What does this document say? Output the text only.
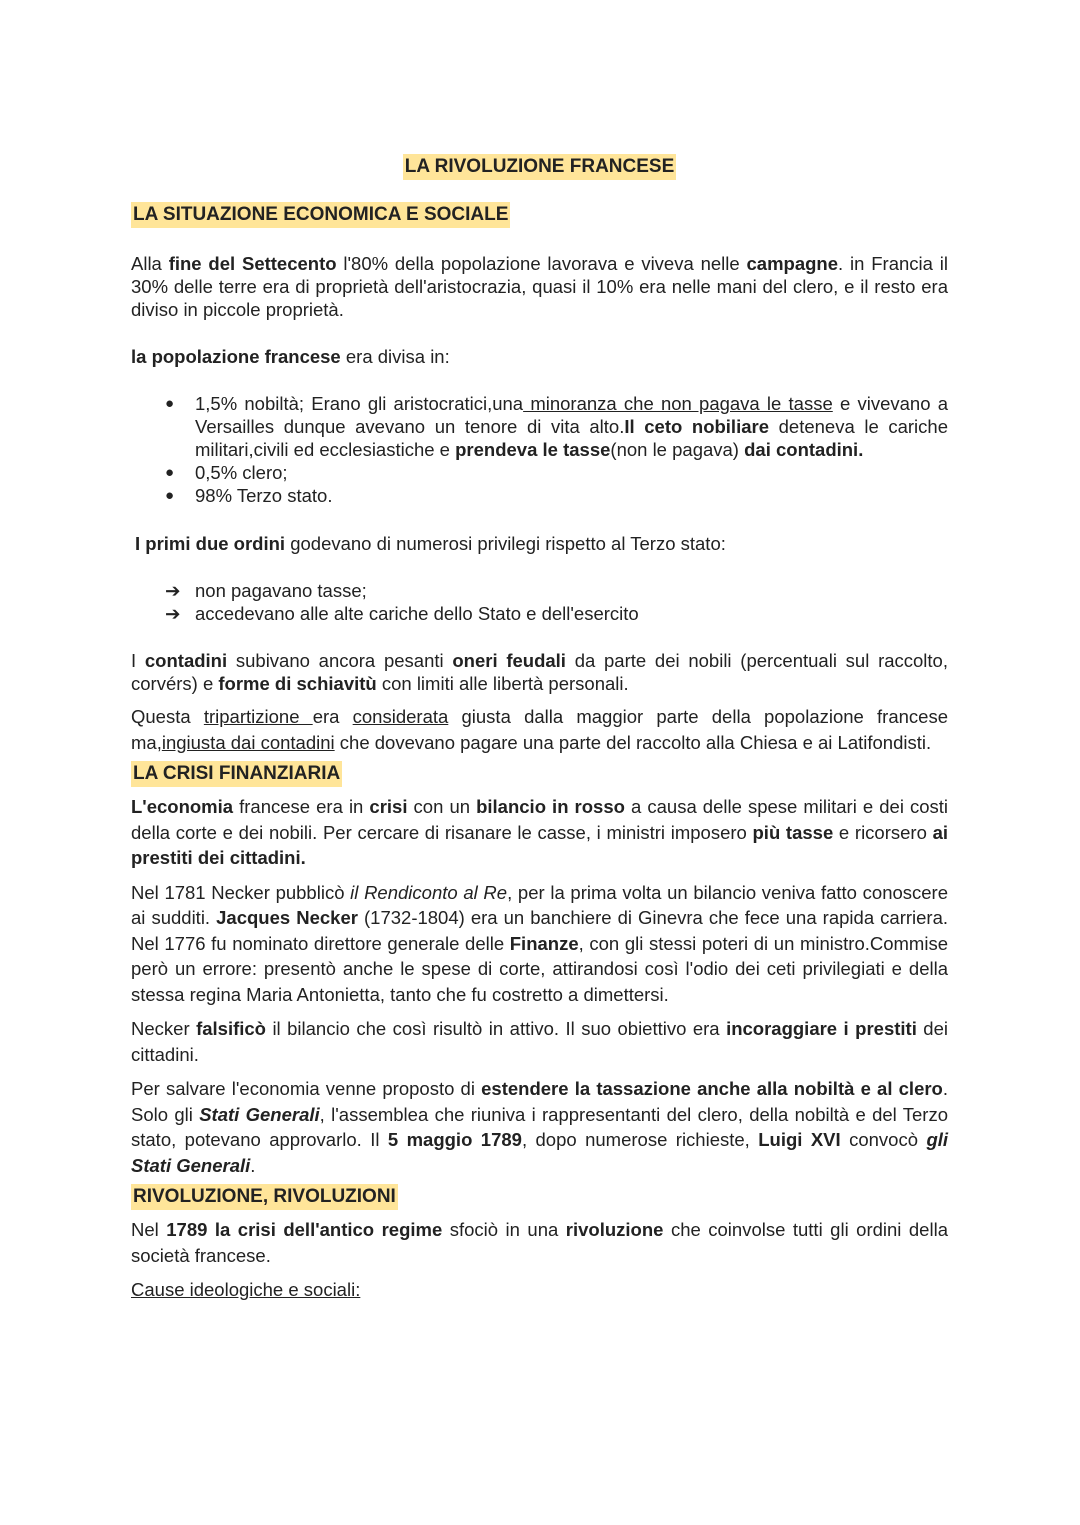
LA RIVOLUZIONE FRANCESE
LA SITUAZIONE ECONOMICA E SOCIALE

Alla fine del Settecento l'80% della popolazione lavorava e viveva nelle campagne. in Francia il 30% delle terre era di proprietà dell'aristocrazia, quasi il 10% era nelle mani del clero, e il resto era diviso in piccole proprietà.

la popolazione francese era divisa in:

● 1,5% nobiltà; Erano gli aristocratici,una minoranza che non pagava le tasse e vivevano a Versailles dunque avevano un tenore di vita alto.Il ceto nobiliare deteneva le cariche militari,civili ed ecclesiastiche e prendeva le tasse(non le pagava) dai contadini.
● 0,5% clero;
● 98% Terzo stato.

I primi due ordini godevano di numerosi privilegi rispetto al Terzo stato:

➔ non pagavano tasse;
➔ accedevano alle alte cariche dello Stato e dell'esercito

I contadini subivano ancora pesanti oneri feudali da parte dei nobili (percentuali sul raccolto, corvérs) e forme di schiavitù con limiti alle libertà personali.

Questa tripartizione era considerata giusta dalla maggior parte della popolazione francese ma,ingiusta dai contadini che dovevano pagare una parte del raccolto alla Chiesa e ai Latifondisti.

LA CRISI FINANZIARIA

L'economia francese era in crisi con un bilancio in rosso a causa delle spese militari e dei costi della corte e dei nobili. Per cercare di risanare le casse, i ministri imposero più tasse e ricorsero ai prestiti dei cittadini.

Nel 1781 Necker pubblicò il Rendiconto al Re, per la prima volta un bilancio veniva fatto conoscere ai sudditi. Jacques Necker (1732-1804) era un banchiere di Ginevra che fece una rapida carriera. Nel 1776 fu nominato direttore generale delle Finanze, con gli stessi poteri di un ministro.Commise però un errore: presentò anche le spese di corte, attirandosi così l'odio dei ceti privilegiati e della stessa regina Maria Antonietta, tanto che fu costretto a dimettersi.

Necker falsificò il bilancio che così risultò in attivo. Il suo obiettivo era incoraggiare i prestiti dei cittadini.

Per salvare l'economia venne proposto di estendere la tassazione anche alla nobiltà e al clero. Solo gli Stati Generali, l'assemblea che riuniva i rappresentanti del clero, della nobiltà e del Terzo stato, potevano approvarlo. Il 5 maggio 1789, dopo numerose richieste, Luigi XVI convocò gli Stati Generali.

RIVOLUZIONE, RIVOLUZIONI

Nel 1789 la crisi dell'antico regime sfociò in una rivoluzione che coinvolse tutti gli ordini della società francese.

Cause ideologiche e sociali:
